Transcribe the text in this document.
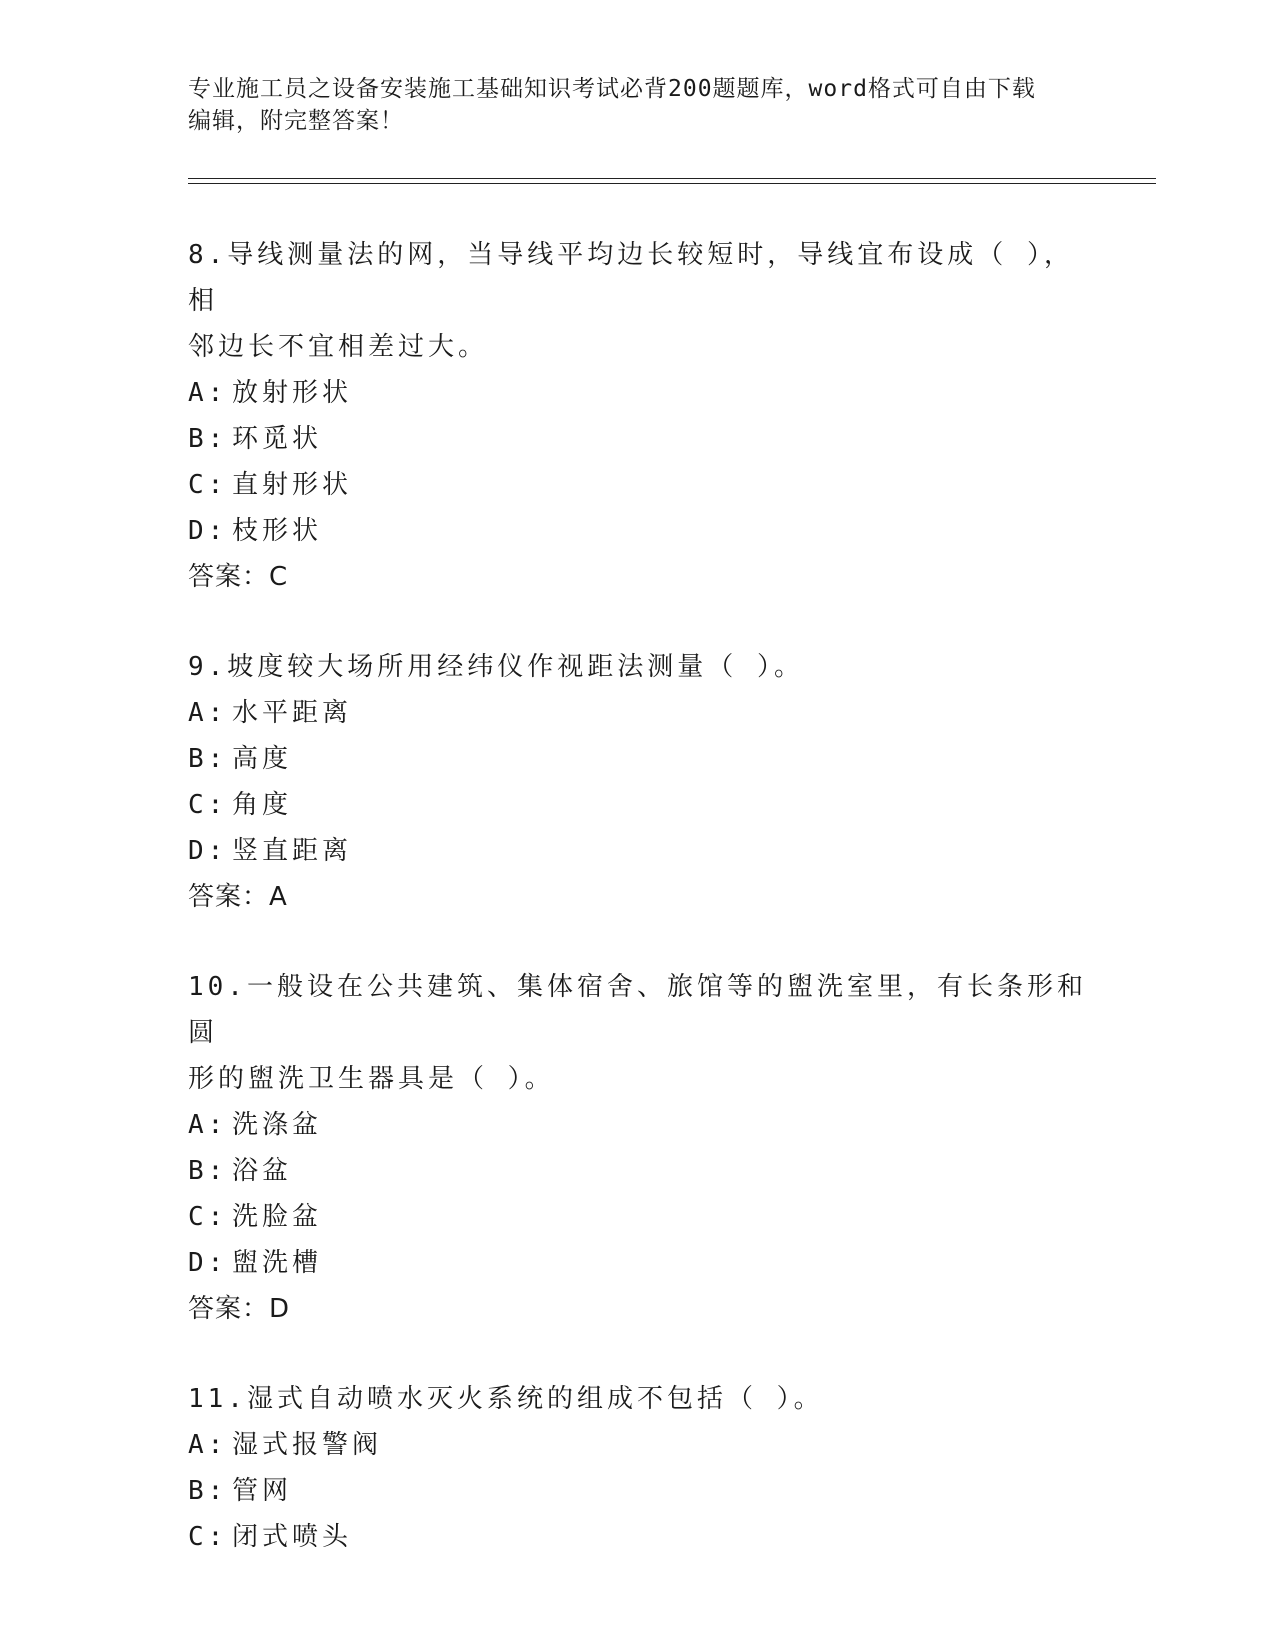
专业施工员之设备安装施工基础知识考试必背200题题库，word格式可自由下载
编辑，附完整答案！

8.导线测量法的网，当导线平均边长较短时，导线宜布设成（ ），相

邻边长不宜相差过大。

A: 放射形状

B: 环觅状

C: 直射形状

D: 枝形状

答案：C

9.坡度较大场所用经纬仪作视距法测量（ ）。

A: 水平距离

B: 高度

C: 角度

D: 竖直距离

答案：A

10.一般设在公共建筑、集体宿舍、旅馆等的盥洗室里，有长条形和圆

形的盥洗卫生器具是（ ）。

A: 洗涤盆

B: 浴盆

C: 洗脸盆

D: 盥洗槽

答案：D

11.湿式自动喷水灭火系统的组成不包括（ ）。

A: 湿式报警阀

B: 管网

C: 闭式喷头
